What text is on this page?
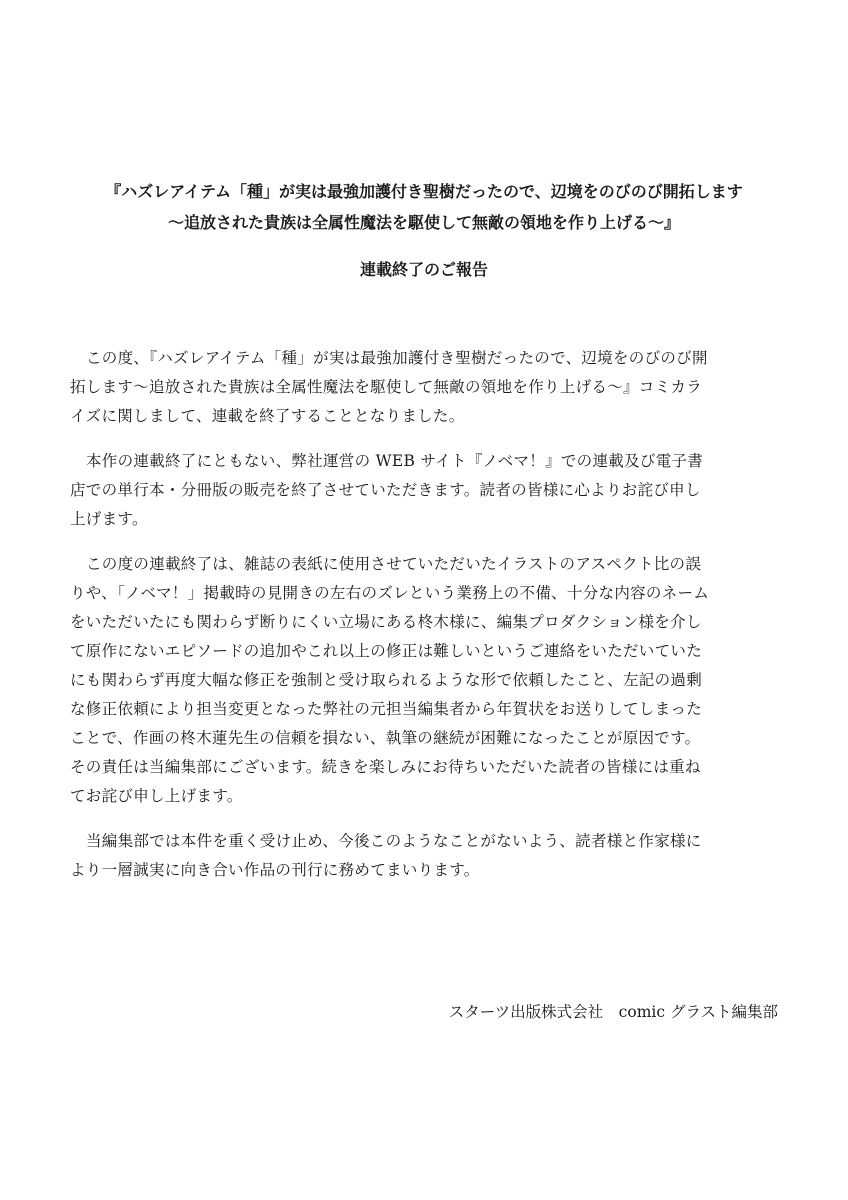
『ハズレアイテム「種」が実は最強加護付き聖樹だったので、辺境をのびのび開拓します
〜追放された貴族は全属性魔法を駆使して無敵の領地を作り上げる〜』
連載終了のご報告

この度、『ハズレアイテム「種」が実は最強加護付き聖樹だったので、辺境をのびのび開
拓します〜追放された貴族は全属性魔法を駆使して無敵の領地を作り上げる〜』コミカラ
イズに関しまして、連載を終了することとなりました。

本作の連載終了にともない、弊社運営の WEB サイト『ノベマ！』での連載及び電子書
店での単行本・分冊版の販売を終了させていただきます。読者の皆様に心よりお詫び申し
上げます。

この度の連載終了は、雑誌の表紙に使用させていただいたイラストのアスペクト比の誤
りや、「ノベマ！」掲載時の見開きの左右のズレという業務上の不備、十分な内容のネーム
をいただいたにも関わらず断りにくい立場にある柊木様に、編集プロダクション様を介し
て原作にないエピソードの追加やこれ以上の修正は難しいというご連絡をいただいていた
にも関わらず再度大幅な修正を強制と受け取られるような形で依頼したこと、左記の過剰
な修正依頼により担当変更となった弊社の元担当編集者から年賀状をお送りしてしまった
ことで、作画の柊木蓮先生の信頼を損ない、執筆の継続が困難になったことが原因です。
その責任は当編集部にございます。続きを楽しみにお待ちいただいた読者の皆様には重ね
てお詫び申し上げます。

当編集部では本件を重く受け止め、今後このようなことがないよう、読者様と作家様に
より一層誠実に向き合い作品の刊行に務めてまいります。

スターツ出版株式会社　comic グラスト編集部
